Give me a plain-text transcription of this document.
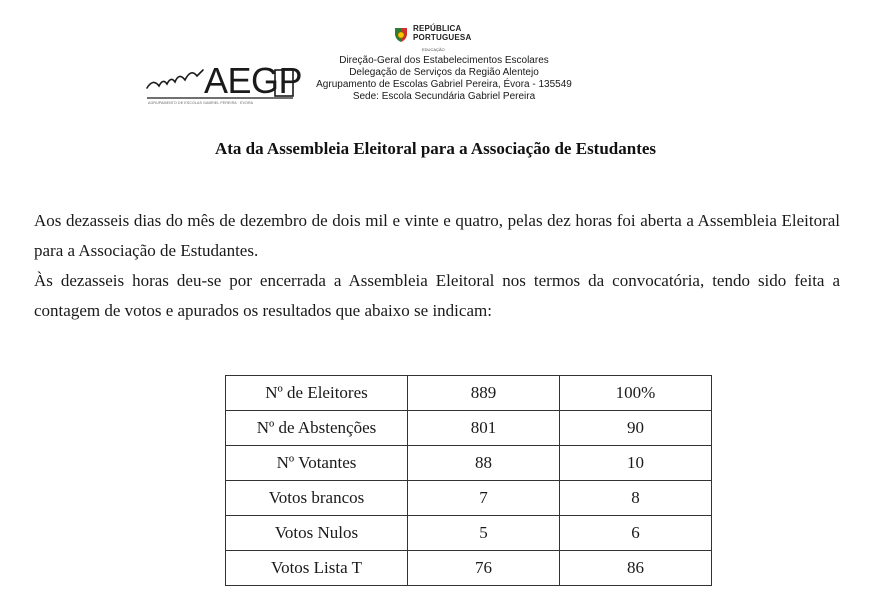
REPÚBLICA
PORTUGUESA
EDUCAÇÃO
AEGP
AGRUPAMENTO DE ESCOLAS GABRIEL PEREIRA · ÉVORA
Direção-Geral dos Estabelecimentos Escolares
Delegação de Serviços da Região Alentejo
Agrupamento de Escolas Gabriel Pereira, Évora - 135549
Sede: Escola Secundária Gabriel Pereira
Ata da Assembleia Eleitoral para a Associação de Estudantes

Aos dezasseis dias do mês de dezembro de dois mil e vinte e quatro, pelas dez horas foi aberta a Assembleia Eleitoral para a Associação de Estudantes.

Às dezasseis horas deu-se por encerrada a Assembleia Eleitoral nos termos da convocatória, tendo sido feita a contagem de votos e apurados os resultados que abaixo se indicam:

Nº de Eleitores	889	100%
Nº de Abstenções	801	90
Nº Votantes	88	10
Votos brancos	7	8
Votos Nulos	5	6
Votos Lista T	76	86
